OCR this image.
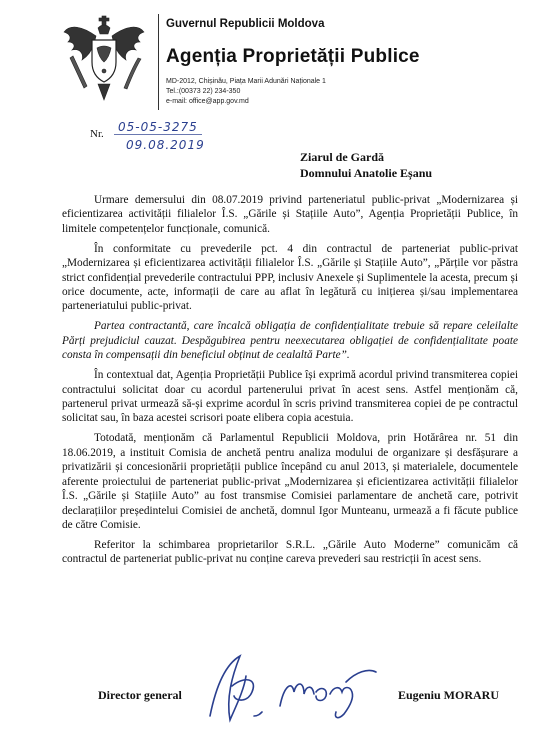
Guvernul Republicii Moldova
Agenția Proprietății Publice
MD-2012, Chișinău, Piața Marii Adunări Naționale 1
Tel.:(00373 22) 234-350
e-mail: office@app.gov.md
Nr. 05-05-3275
09.08.2019
Ziarul de Gardă
Domnului Anatolie Eșanu

Urmare demersului din 08.07.2019 privind parteneriatul public-privat „Modernizarea și eficientizarea activității filialelor Î.S. „Gările și Stațiile Auto”, Agenția Proprietății Publice, în limitele competențelor funcționale, comunică.

În conformitate cu prevederile pct. 4 din contractul de parteneriat public-privat „Modernizarea și eficientizarea activității filialelor Î.S. „Gările și Stațiile Auto”, „Părțile vor păstra strict confidențial prevederile contractului PPP, inclusiv Anexele și Suplimentele la acesta, precum și orice documente, acte, informații de care au aflat în legătură cu inițierea și/sau implementarea parteneriatului public-privat.

Partea contractantă, care încalcă obligația de confidențialitate trebuie să repare celeilalte Părți prejudiciul cauzat. Despăgubirea pentru neexecutarea obligației de confidențialitate poate consta în compensații din beneficiul obținut de cealaltă Parte”.

În contextual dat, Agenția Proprietății Publice își exprimă acordul privind transmiterea copiei contractului solicitat doar cu acordul partenerului privat în acest sens. Astfel menționăm că, partenerul privat urmează să-și exprime acordul în scris privind transmiterea copiei de pe contractul solicitat sau, în baza acestei scrisori poate elibera copia acestuia.

Totodată, menționăm că Parlamentul Republicii Moldova, prin Hotărârea nr. 51 din 18.06.2019, a instituit Comisia de anchetă pentru analiza modului de organizare și desfășurare a privatizării și concesionării proprietății publice începând cu anul 2013, și materialele, documentele aferente proiectului de parteneriat public-privat „Modernizarea și eficientizarea activității filialelor Î.S. „Gările și Stațiile Auto” au fost transmise Comisiei parlamentare de anchetă care, potrivit declarațiilor președintelui Comisiei de anchetă, domnul Igor Munteanu, urmează a fi făcute publice de către Comisie.

Referitor la schimbarea proprietarilor S.R.L. „Gările Auto Moderne” comunicăm că contractul de parteneriat public-privat nu conține careva prevederi sau restricții în acest sens.

Director general	Eugeniu MORARU
